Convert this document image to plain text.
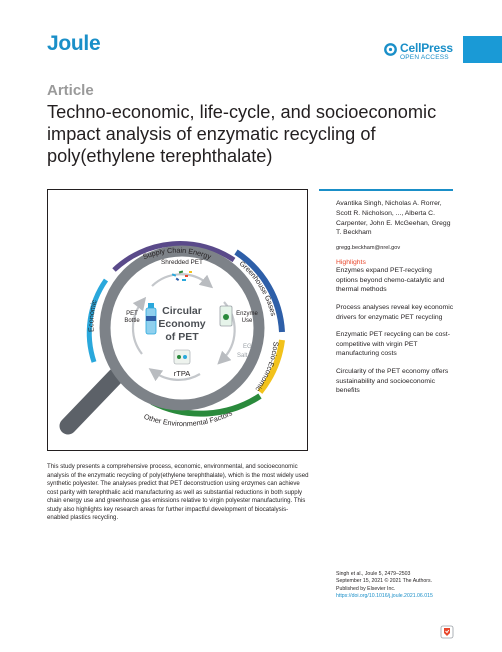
Joule	CellPress
OPEN ACCESS
Article
Techno-economic, life-cycle, and socioeconomic impact analysis of enzymatic recycling of poly(ethylene terephthalate)
Supply Chain Energy
Economic
Greenhouse Gases
Socio-Economic
Other Environmental Factors
Shredded PET
PET Bottle
Circular
Economy
of PET
Enzyme Use
EG
Salt
rTPA

This study presents a comprehensive process, economic, environmental, and socioeconomic analysis of the enzymatic recycling of poly(ethylene terephthalate), which is the most widely used synthetic polyester. The analyses predict that PET deconstruction using enzymes can achieve cost parity with terephthalic acid manufacturing as well as substantial reductions in both supply chain energy use and greenhouse gas emissions relative to virgin polyester manufacturing. This study also highlights key research areas for further impactful development of biocatalysis-enabled plastics recycling.

Avantika Singh, Nicholas A. Rorrer, Scott R. Nicholson, ..., Alberta C. Carpenter, John E. McGeehan, Gregg T. Beckham
gregg.beckham@nrel.gov
Highlights
Enzymes expand PET-recycling options beyond chemo-catalytic and thermal methods
Process analyses reveal key economic drivers for enzymatic PET recycling
Enzymatic PET recycling can be cost-competitive with virgin PET manufacturing costs
Circularity of the PET economy offers sustainability and socioeconomic benefits
Singh et al., Joule 5, 2479–2503
September 15, 2021 © 2021 The Authors.
Published by Elsevier Inc.
https://doi.org/10.1016/j.joule.2021.06.015
